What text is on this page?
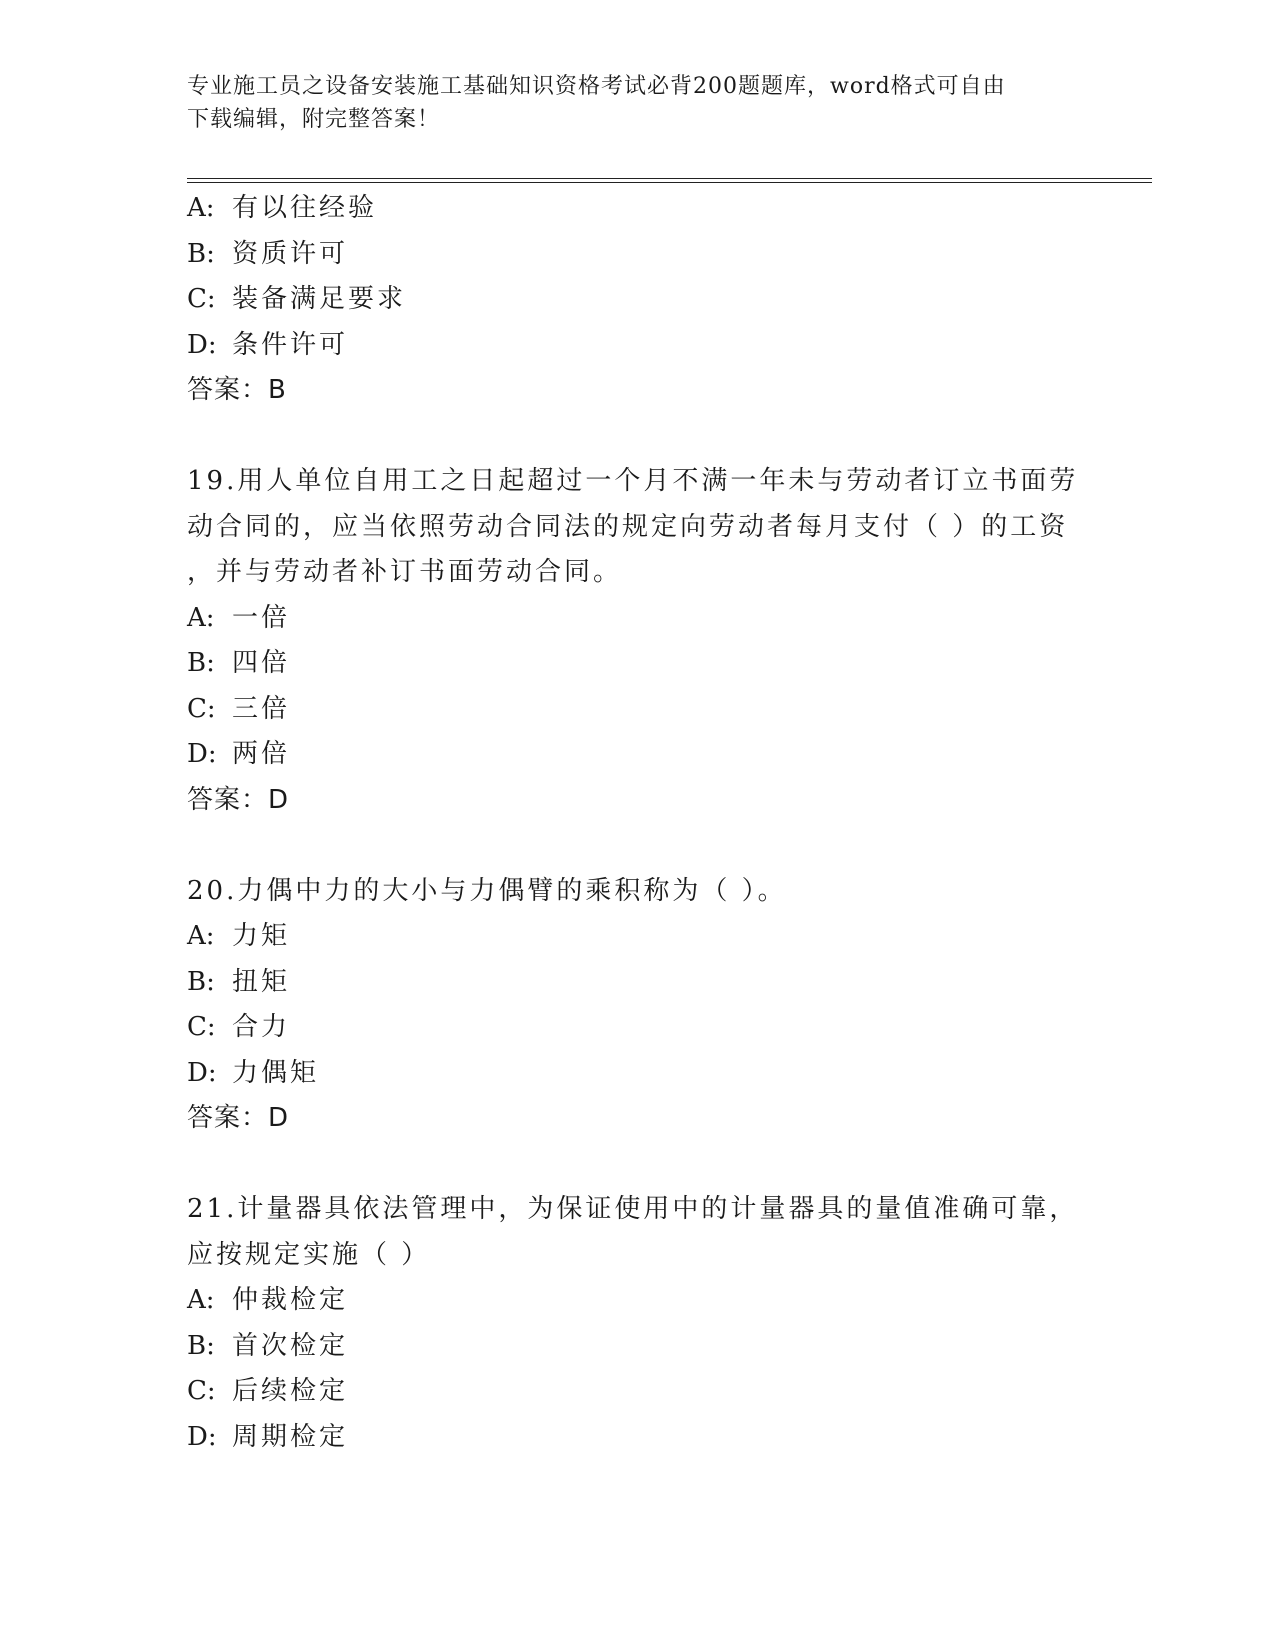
专业施工员之设备安装施工基础知识资格考试必背200题题库，word格式可自由
下载编辑，附完整答案！
A: 有以往经验
B: 资质许可
C: 装备满足要求
D: 条件许可
答案：B
19.用人单位自用工之日起超过一个月不满一年未与劳动者订立书面劳
动合同的，应当依照劳动合同法的规定向劳动者每月支付（ ）的工资
，并与劳动者补订书面劳动合同。
A: 一倍
B: 四倍
C: 三倍
D: 两倍
答案：D
20.力偶中力的大小与力偶臂的乘积称为（ ）。
A: 力矩
B: 扭矩
C: 合力
D: 力偶矩
答案：D
21.计量器具依法管理中，为保证使用中的计量器具的量值准确可靠，
应按规定实施（ ）
A: 仲裁检定
B: 首次检定
C: 后续检定
D: 周期检定
